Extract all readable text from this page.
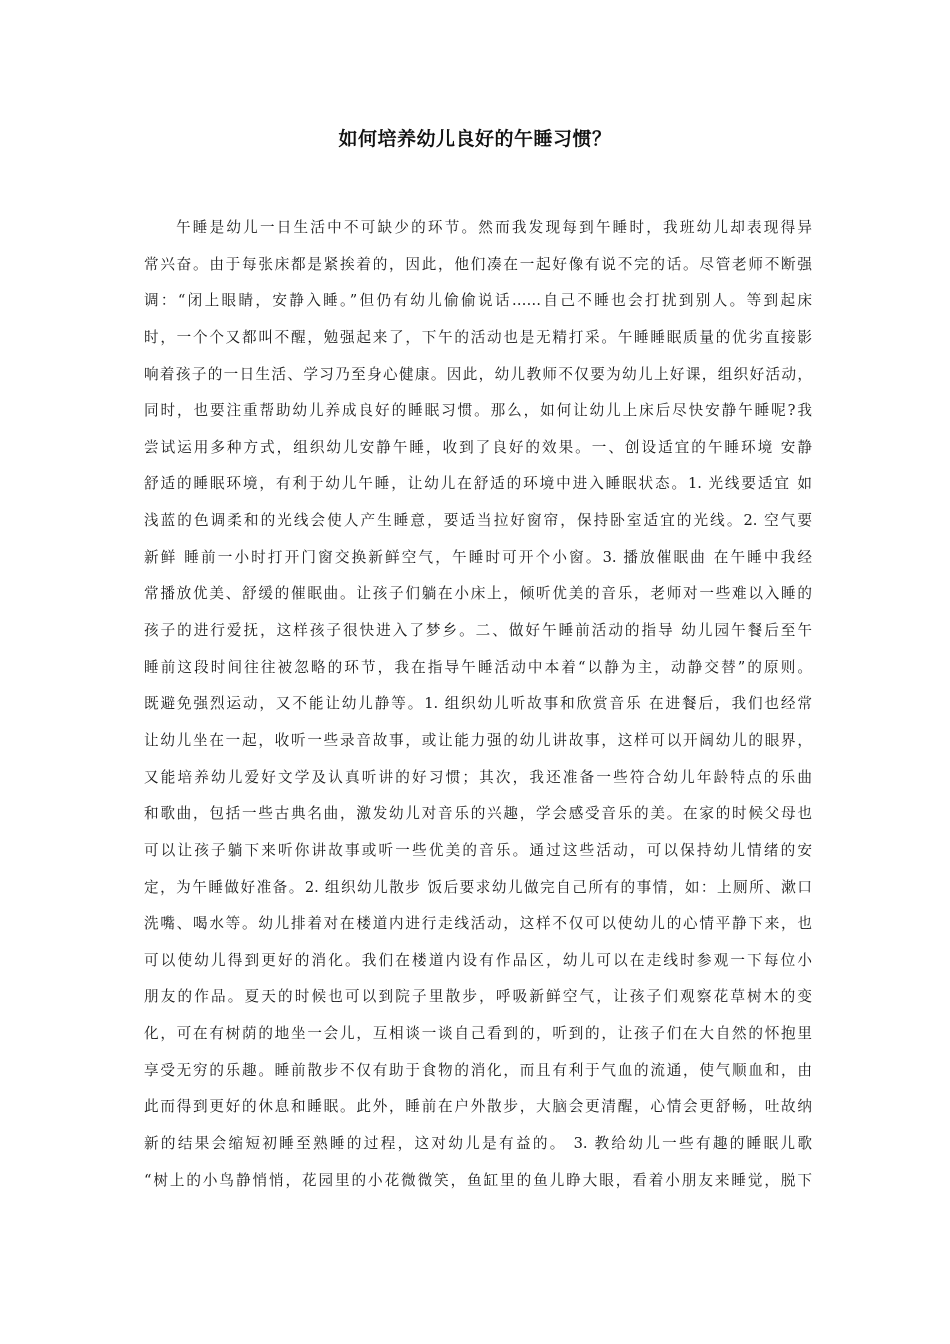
如何培养幼儿良好的午睡习惯？
午睡是幼儿一日生活中不可缺少的环节。然而我发现每到午睡时，我班幼儿却表现得异
常兴奋。由于每张床都是紧挨着的，因此，他们凑在一起好像有说不完的话。尽管老师不断强
调：“闭上眼睛，安静入睡。”但仍有幼儿偷偷说话……自己不睡也会打扰到别人。等到起床
时，一个个又都叫不醒，勉强起来了，下午的活动也是无精打采。午睡睡眠质量的优劣直接影
响着孩子的一日生活、学习乃至身心健康。因此，幼儿教师不仅要为幼儿上好课，组织好活动，
同时，也要注重帮助幼儿养成良好的睡眠习惯。那么，如何让幼儿上床后尽快安静午睡呢?我
尝试运用多种方式，组织幼儿安静午睡，收到了良好的效果。一、创设适宜的午睡环境 安静
舒适的睡眠环境，有利于幼儿午睡，让幼儿在舒适的环境中进入睡眠状态。1. 光线要适宜 如
浅蓝的色调柔和的光线会使人产生睡意，要适当拉好窗帘，保持卧室适宜的光线。2. 空气要
新鲜 睡前一小时打开门窗交换新鲜空气，午睡时可开个小窗。3. 播放催眠曲 在午睡中我经
常播放优美、舒缓的催眠曲。让孩子们躺在小床上，倾听优美的音乐，老师对一些难以入睡的
孩子的进行爱抚，这样孩子很快进入了梦乡。二、做好午睡前活动的指导 幼儿园午餐后至午
睡前这段时间往往被忽略的环节，我在指导午睡活动中本着“以静为主，动静交替”的原则。
既避免强烈运动，又不能让幼儿静等。1. 组织幼儿听故事和欣赏音乐 在进餐后，我们也经常
让幼儿坐在一起，收听一些录音故事，或让能力强的幼儿讲故事，这样可以开阔幼儿的眼界，
又能培养幼儿爱好文学及认真听讲的好习惯；其次，我还准备一些符合幼儿年龄特点的乐曲
和歌曲，包括一些古典名曲，激发幼儿对音乐的兴趣，学会感受音乐的美。在家的时候父母也
可以让孩子躺下来听你讲故事或听一些优美的音乐。通过这些活动，可以保持幼儿情绪的安
定，为午睡做好准备。2. 组织幼儿散步 饭后要求幼儿做完自己所有的事情，如：上厕所、漱口
洗嘴、喝水等。幼儿排着对在楼道内进行走线活动，这样不仅可以使幼儿的心情平静下来，也
可以使幼儿得到更好的消化。我们在楼道内设有作品区，幼儿可以在走线时参观一下每位小
朋友的作品。夏天的时候也可以到院子里散步，呼吸新鲜空气，让孩子们观察花草树木的变
化，可在有树荫的地坐一会儿，互相谈一谈自己看到的，听到的，让孩子们在大自然的怀抱里
享受无穷的乐趣。睡前散步不仅有助于食物的消化，而且有利于气血的流通，使气顺血和，由
此而得到更好的休息和睡眠。此外，睡前在户外散步，大脑会更清醒，心情会更舒畅，吐故纳
新的结果会缩短初睡至熟睡的过程，这对幼儿是有益的。 3. 教给幼儿一些有趣的睡眠儿歌
“树上的小鸟静悄悄，花园里的小花微微笑，鱼缸里的鱼儿睁大眼，看着小朋友来睡觉，脱下
